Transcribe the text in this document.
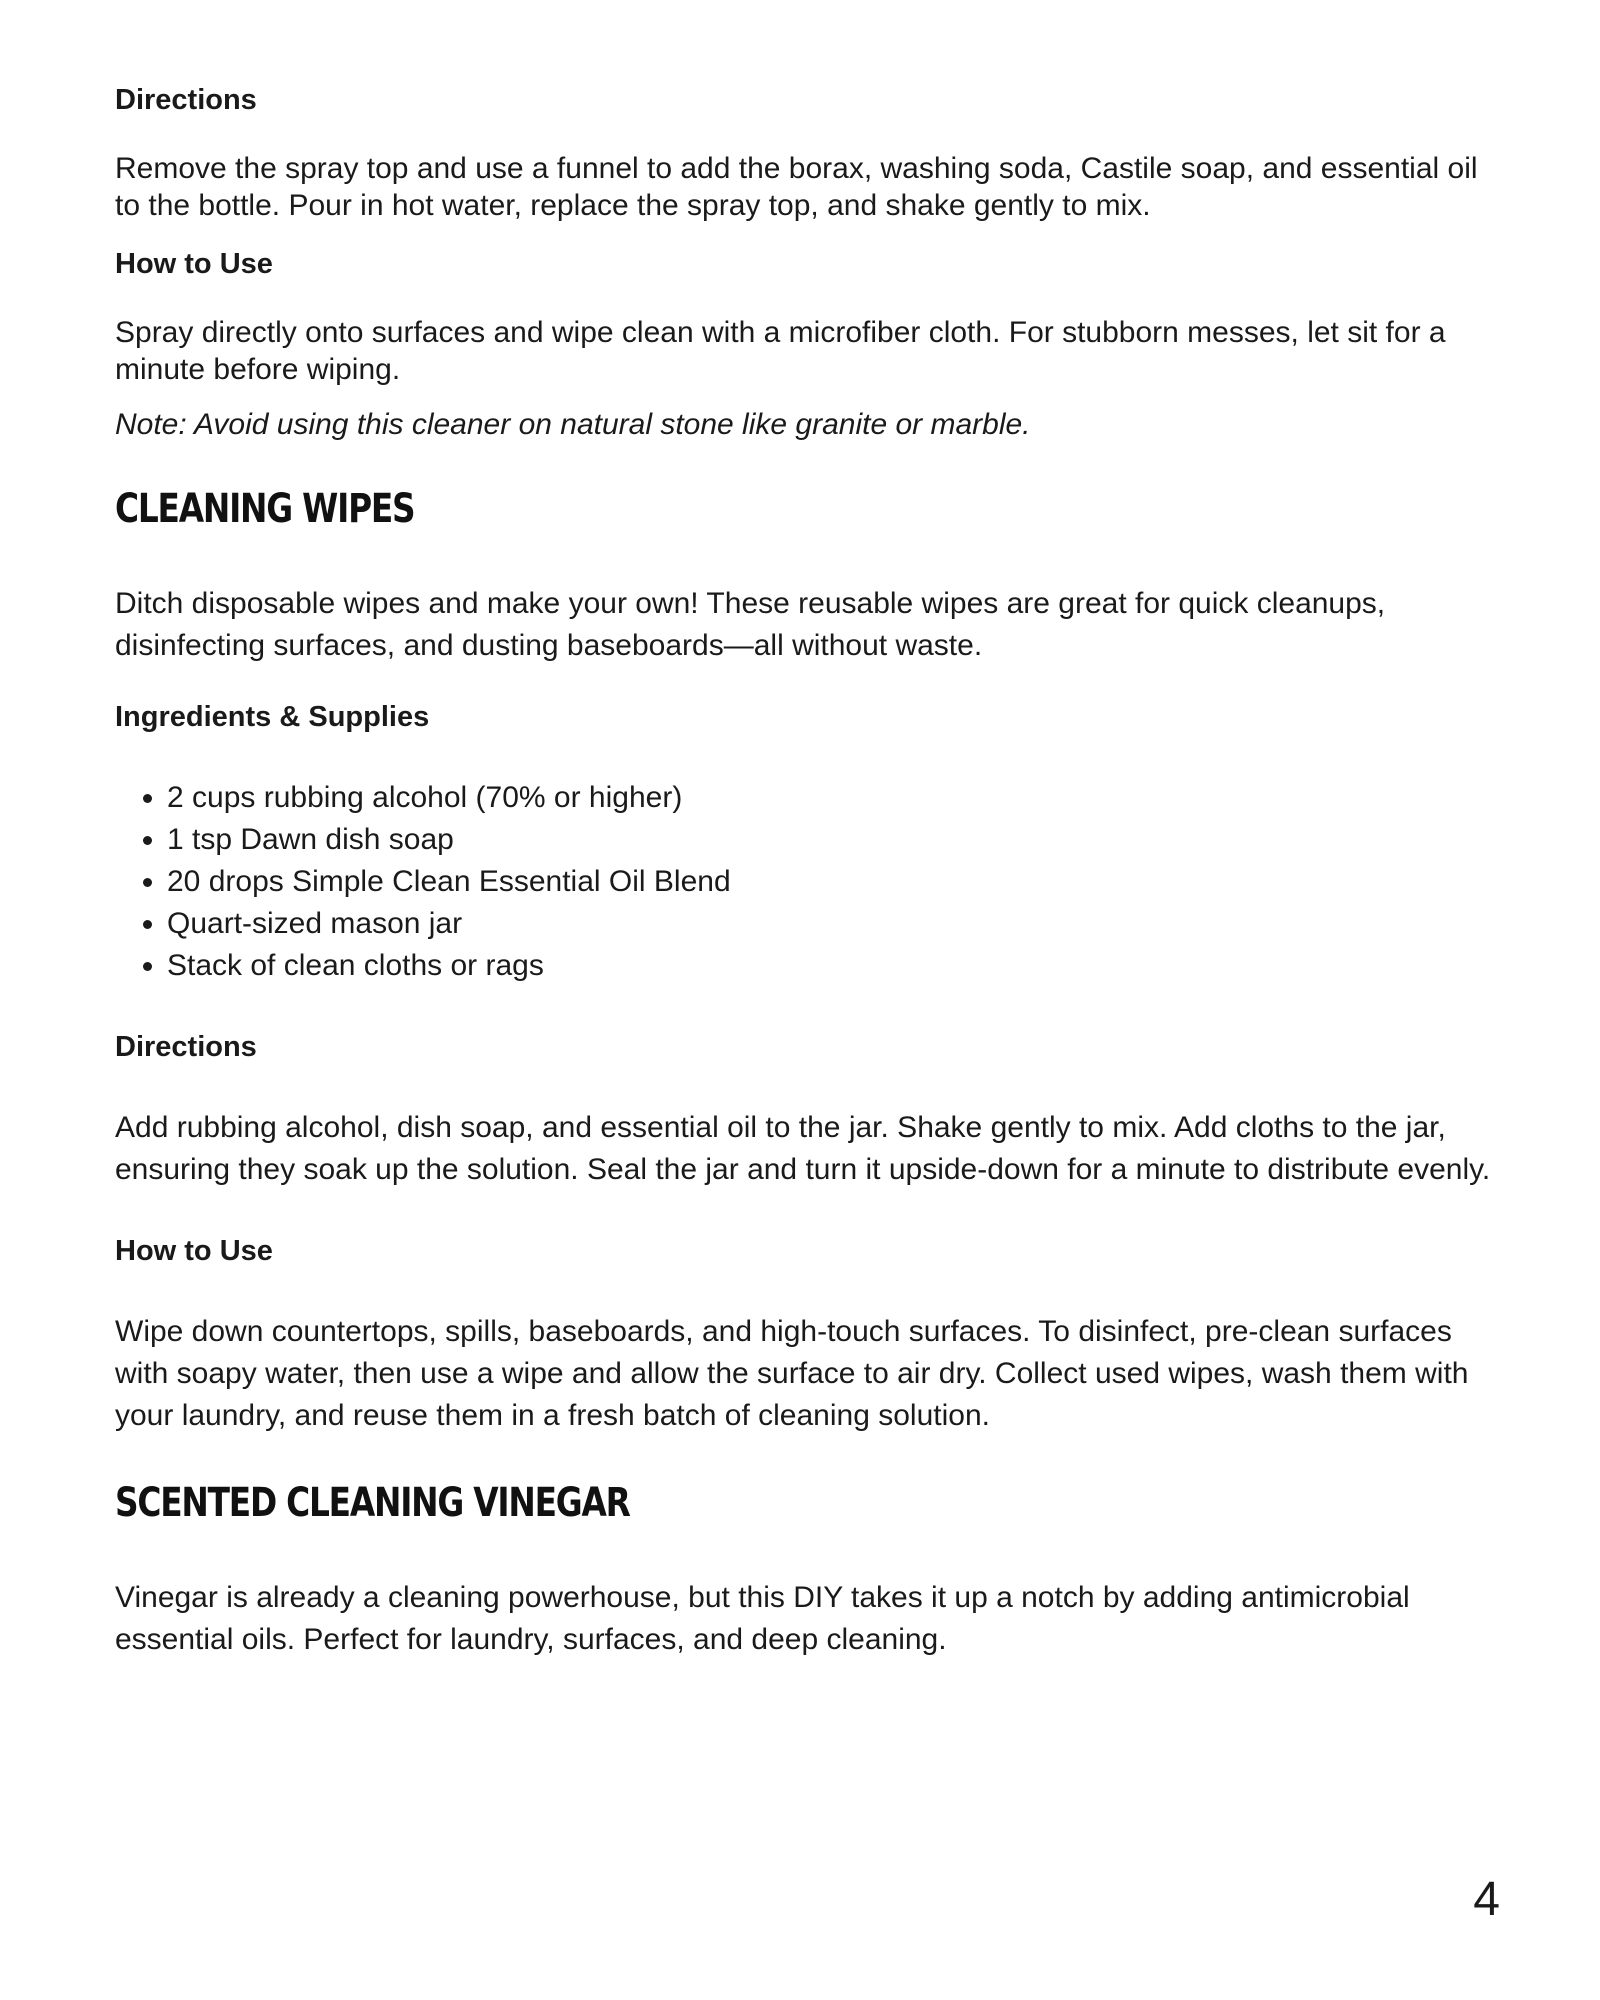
Directions

Remove the spray top and use a funnel to add the borax, washing soda, Castile soap, and essential oil to the bottle. Pour in hot water, replace the spray top, and shake gently to mix.

How to Use

Spray directly onto surfaces and wipe clean with a microfiber cloth. For stubborn messes, let sit for a minute before wiping.

Note: Avoid using this cleaner on natural stone like granite or marble.

CLEANING WIPES

Ditch disposable wipes and make your own! These reusable wipes are great for quick cleanups, disinfecting surfaces, and dusting baseboards—all without waste.

Ingredients & Supplies

• 2 cups rubbing alcohol (70% or higher)
• 1 tsp Dawn dish soap
• 20 drops Simple Clean Essential Oil Blend
• Quart-sized mason jar
• Stack of clean cloths or rags

Directions

Add rubbing alcohol, dish soap, and essential oil to the jar. Shake gently to mix. Add cloths to the jar, ensuring they soak up the solution. Seal the jar and turn it upside-down for a minute to distribute evenly.

How to Use

Wipe down countertops, spills, baseboards, and high-touch surfaces. To disinfect, pre-clean surfaces with soapy water, then use a wipe and allow the surface to air dry. Collect used wipes, wash them with your laundry, and reuse them in a fresh batch of cleaning solution.

SCENTED CLEANING VINEGAR

Vinegar is already a cleaning powerhouse, but this DIY takes it up a notch by adding antimicrobial essential oils. Perfect for laundry, surfaces, and deep cleaning.

4
